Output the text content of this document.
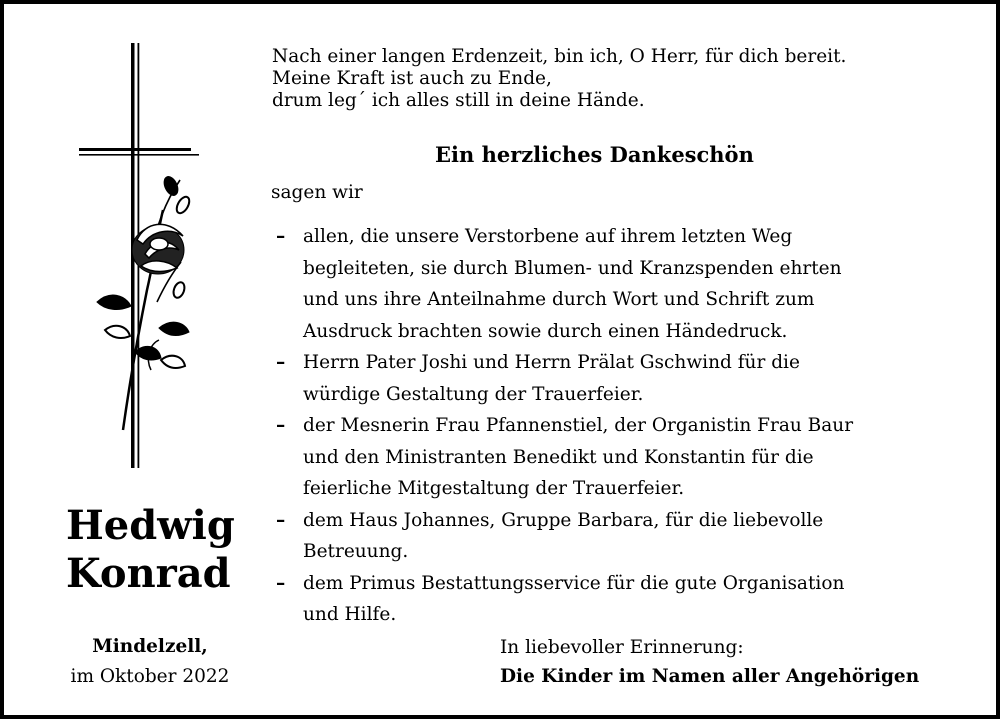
Nach einer langen Erdenzeit, bin ich, O Herr, für dich bereit.
Meine Kraft ist auch zu Ende,
drum leg´ ich alles still in deine Hände.
Ein herzliches Dankeschön
sagen wir
– allen, die unsere Verstorbene auf ihrem letzten Weg
begleiteten, sie durch Blumen- und Kranzspenden ehrten
und uns ihre Anteilnahme durch Wort und Schrift zum
Ausdruck brachten sowie durch einen Händedruck.
– Herrn Pater Joshi und Herrn Prälat Gschwind für die
würdige Gestaltung der Trauerfeier.
– der Mesnerin Frau Pfannenstiel, der Organistin Frau Baur
und den Ministranten Benedikt und Konstantin für die
feierliche Mitgestaltung der Trauerfeier.
– dem Haus Johannes, Gruppe Barbara, für die liebevolle
Betreuung.
– dem Primus Bestattungsservice für die gute Organisation
und Hilfe.
Hedwig
Konrad
Mindelzell,
im Oktober 2022
In liebevoller Erinnerung:
Die Kinder im Namen aller Angehörigen
